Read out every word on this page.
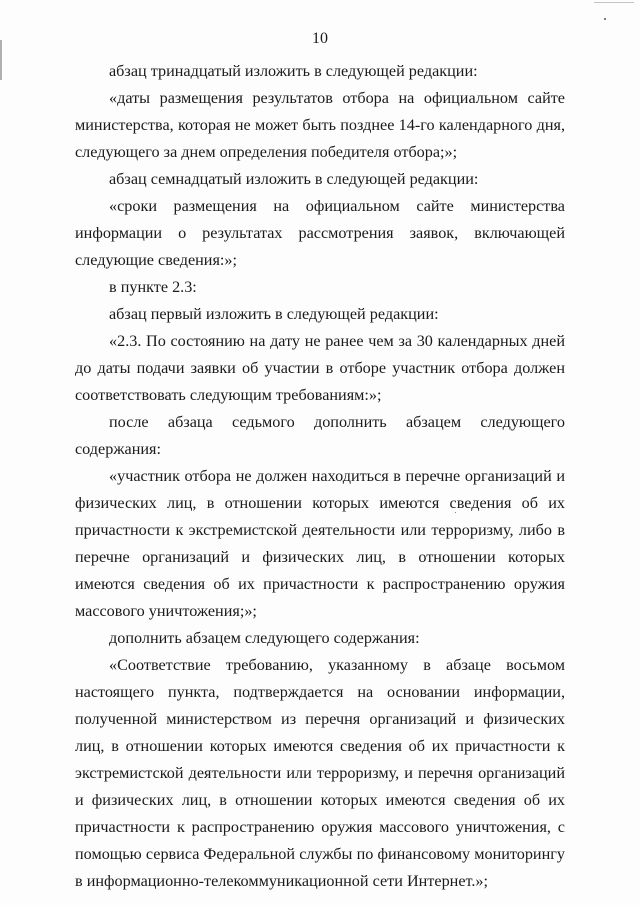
10

абзац тринадцатый изложить в следующей редакции:

«даты размещения результатов отбора на официальном сайте министерства, которая не может быть позднее 14-го календарного дня, следующего за днем определения победителя отбора;»;

абзац семнадцатый изложить в следующей редакции:

«сроки размещения на официальном сайте министерства информации о результатах рассмотрения заявок, включающей следующие сведения:»;

в пункте 2.3:

абзац первый изложить в следующей редакции:

«2.3. По состоянию на дату не ранее чем за 30 календарных дней до даты подачи заявки об участии в отборе участник отбора должен соответствовать следующим требованиям:»;

после абзаца седьмого дополнить абзацем следующего содержания:

«участник отбора не должен находиться в перечне организаций и физических лиц, в отношении которых имеются сведения об их причастности к экстремистской деятельности или терроризму, либо в перечне организаций и физических лиц, в отношении которых имеются сведения об их причастности к распространению оружия массового уничтожения;»;

дополнить абзацем следующего содержания:

«Соответствие требованию, указанному в абзаце восьмом настоящего пункта, подтверждается на основании информации, полученной министерством из перечня организаций и физических лиц, в отношении которых имеются сведения об их причастности к экстремистской деятельности или терроризму, и перечня организаций и физических лиц, в отношении которых имеются сведения об их причастности к распространению оружия массового уничтожения, с помощью сервиса Федеральной службы по финансовому мониторингу в информационно-телекоммуникационной сети Интернет.»;
